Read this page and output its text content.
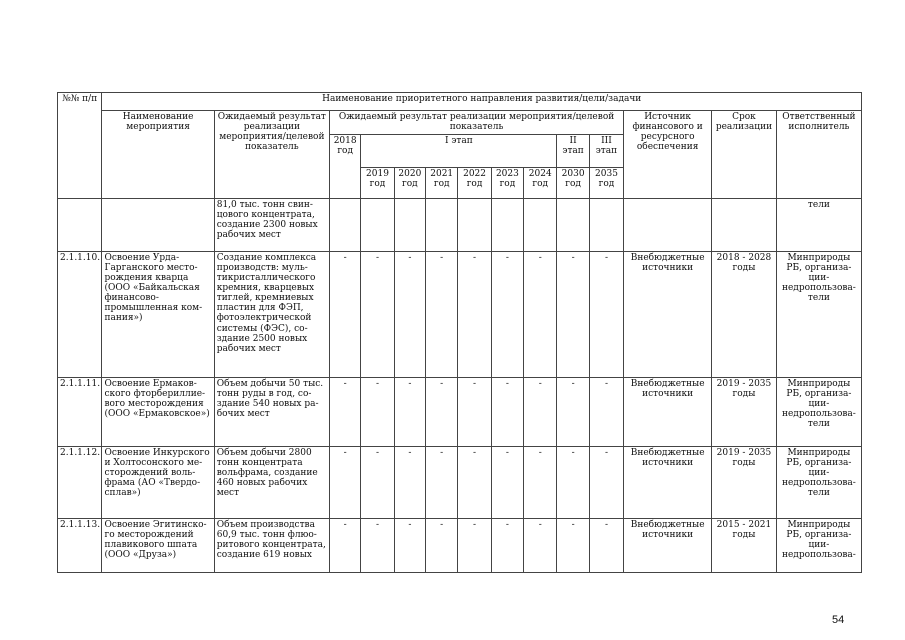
№№ п/п	Наименование приоритетного направления развития/цели/задачи													
	Наименование мероприятия	Ожидаемый результат реализации мероприятия/целевой показатель	Ожидаемый результат реализации мероприятия/целевой показатель									Источник финансового и ресурсного обеспечения	Срок реализации	Ответственный исполнитель
			2018 год	I этап						II этап	III этап			
				2019 год	2020 год	2021 год	2022 год	2023 год	2024 год	2030 год	2035 год			
		81,0 тыс. тонн свин-цового концентрата, создание 2300 новых рабочих мест												тели
2.1.1.10.	Освоение Урда-Гарганского место-рождения кварца (ООО «Байкальская финансово-промышленная ком-пания»)	Создание комплекса производств: муль-тикристаллического кремния, кварцевых тиглей, кремниевых пластин для ФЭП, фотоэлектрической системы (ФЭС), со-здание 2500 новых рабочих мест	-	-	-	-	-	-	-	-	-	Внебюджетные источники	2018 - 2028 годы	Минприроды РБ, организа-ции-недропользова-тели
2.1.1.11.	Освоение Ермаков-ского фторбериллие-вого месторождения (ООО «Ермаковское»)	Объем добычи 50 тыс. тонн руды в год, со-здание 540 новых ра-бочих мест	-	-	-	-	-	-	-	-	-	Внебюджетные источники	2019 - 2035 годы	Минприроды РБ, организа-ции-недропользова-тели
2.1.1.12.	Освоение Инкурского и Холтосонского ме-сторождений воль-фрама (АО «Твердо-сплав»)	Объем добычи 2800 тонн концентрата вольфрама, создание 460 новых рабочих мест	-	-	-	-	-	-	-	-	-	Внебюджетные источники	2019 - 2035 годы	Минприроды РБ, организа-ции-недропользова-тели
2.1.1.13.	Освоение Эгитинско-го месторождений плавикового шпата (ООО «Друза»)	Объем производства 60,9 тыс. тонн флюо-ритового концентрата, создание 619 новых	-	-	-	-	-	-	-	-	-	Внебюджетные источники	2015 - 2021 годы	Минприроды РБ, организа-ции-недропользова-
54
